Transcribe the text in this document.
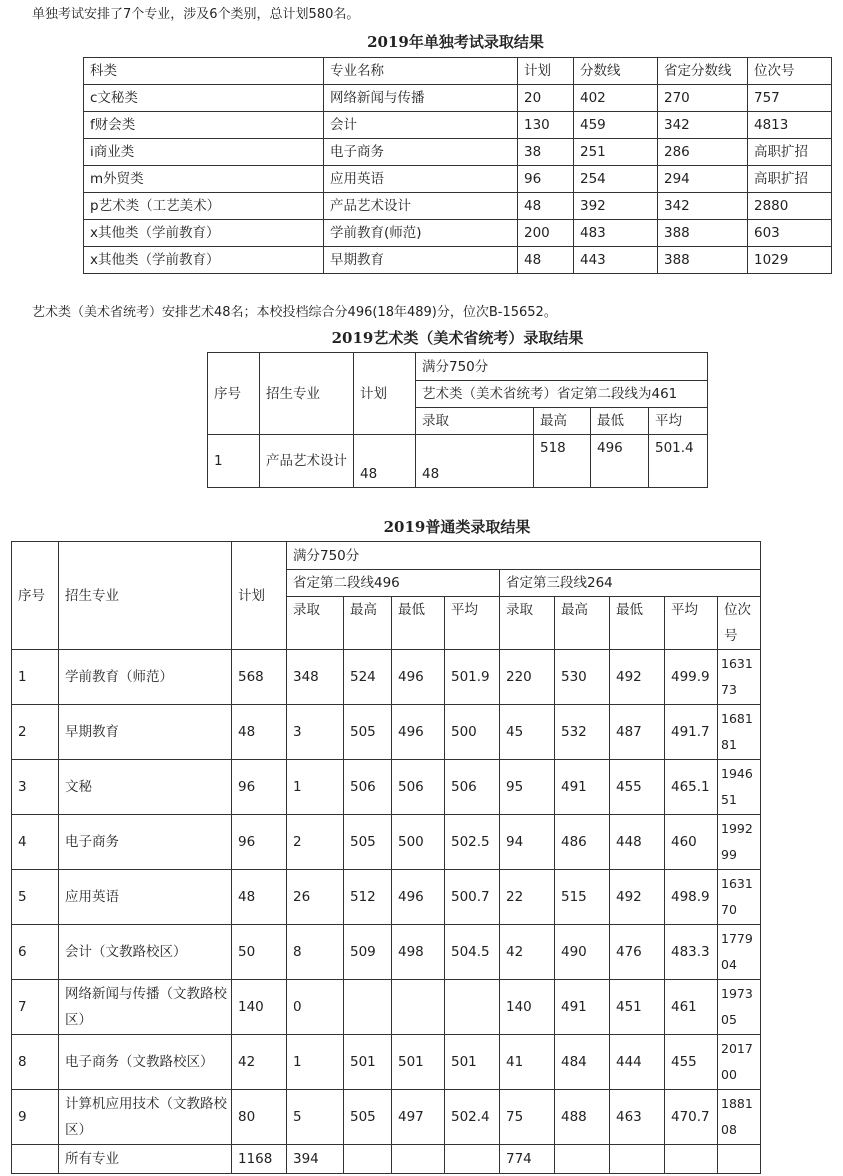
单独考试安排了7个专业，涉及6个类别，总计划580名。
2019年单独考试录取结果
科类	专业名称	计划	分数线	省定分数线	位次号
c文秘类	网络新闻与传播	20	402	270	757
f财会类	会计	130	459	342	4813
i商业类	电子商务	38	251	286	高职扩招
m外贸类	应用英语	96	254	294	高职扩招
p艺术类（工艺美术）	产品艺术设计	48	392	342	2880
x其他类（学前教育）	学前教育(师范)	200	483	388	603
x其他类（学前教育）	早期教育	48	443	388	1029
艺术类（美术省统考）安排艺术48名；本校投档综合分496(18年489)分，位次B-15652。
2019艺术类（美术省统考）录取结果
序号	招生专业	计划	满分750分			
			艺术类（美术省统考）省定第二段线为461			
			录取	最高	最低	平均
1	产品艺术设计	48	48	518	496	501.4
2019普通类录取结果
序号	招生专业	计划	满分750分								
			省定第二段线496				省定第三段线264				
			录取	最高	最低	平均	录取	最高	最低	平均	位次号
1	学前教育（师范）	568	348	524	496	501.9	220	530	492	499.9	163173
2	早期教育	48	3	505	496	500	45	532	487	491.7	168181
3	文秘	96	1	506	506	506	95	491	455	465.1	194651
4	电子商务	96	2	505	500	502.5	94	486	448	460	199299
5	应用英语	48	26	512	496	500.7	22	515	492	498.9	163170
6	会计（文教路校区）	50	8	509	498	504.5	42	490	476	483.3	177904
7	网络新闻与传播（文教路校区）	140	0				140	491	451	461	197305
8	电子商务（文教路校区）	42	1	501	501	501	41	484	444	455	201700
9	计算机应用技术（文教路校区）	80	5	505	497	502.4	75	488	463	470.7	188108
	所有专业	1168	394				774				
